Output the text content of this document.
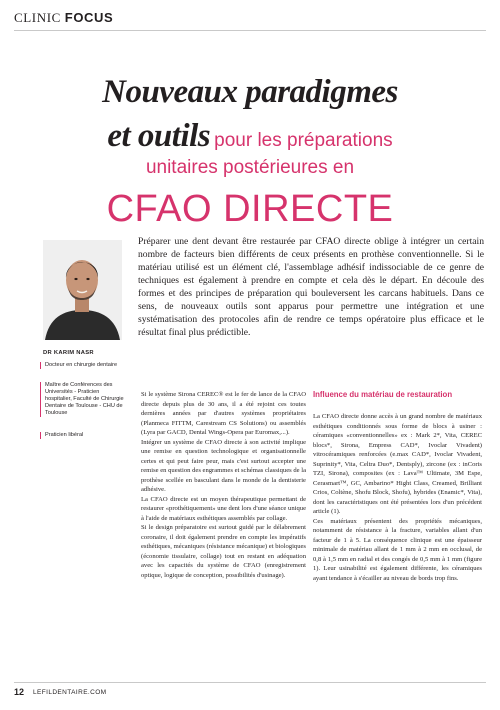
CLINIC FOCUS
Nouveaux paradigmes
et outils pour les préparations
unitaires postérieures en
CFAO DIRECTE
DR KARIM NASR
Docteur en chirurgie dentaire
Maître de Conférences des Universités - Praticien hospitalier, Faculté de Chirurgie Dentaire de Toulouse - CHU de Toulouse
Praticien libéral
Préparer une dent devant être restaurée par CFAO directe oblige à intégrer un certain nombre de facteurs bien différents de ceux présents en prothèse conventionnelle. Si le matériau utilisé est un élément clé, l'assemblage adhésif indissociable de ce genre de techniques est également à prendre en compte et cela dès le départ. En découle des formes et des principes de préparation qui bouleversent les carcans habituels. Dans ce sens, de nouveaux outils sont apparus pour permettre une intégration et une systématisation des protocoles afin de rendre ce temps opératoire plus efficace et le résultat final plus prédictible.
Si le système Sirona CEREC® est le fer de lance de la CFAO directe depuis plus de 30 ans, il a été rejoint ces toutes dernières années par d'autres systèmes propriétaires (Planmeca FITTM, Carestream CS Solutions) ou assemblés (Lyra par GACD, Dental Wings-Opera par Euromax,...).
Intégrer un système de CFAO directe à son activité implique une remise en question technologique et organisationnelle certes et qui peut faire peur, mais c'est surtout accepter une remise en question des engrammes et schémas classiques de la prothèse scellée en basculant dans le monde de la dentisterie adhésive.
La CFAO directe est un moyen thérapeutique permettant de restaurer «prothétiquement» une dent lors d'une séance unique à l'aide de matériaux esthétiques assemblés par collage.
Si le design préparatoire est surtout guidé par le délabrement coronaire, il doit également prendre en compte les impératifs esthétiques, mécaniques (résistance mécanique) et biologiques (économie tissulaire, collage) tout en restant en adéquation avec les capacités du système de CFAO (enregistrement optique, logique de conception, possibilités d'usinage).
Influence du matériau de restauration
La CFAO directe donne accès à un grand nombre de matériaux esthétiques conditionnés sous forme de blocs à usiner : céramiques «conventionnelles» ex : Mark 2*, Vita, CEREC blocs*, Sirona, Empress CAD*, Ivoclar Vivadent) vitrocéramiques renforcées (e.max CAD*, Ivoclar Vivadent, Suprinity*, Vita, Celtra Duo*, Dentsply), zircone (ex : inCoris TZI, Sirona), composites (ex : Lava™ Ultimate, 3M Espe, Cerasmart™, GC, Ambarino* Hight Class, Creamed, Brilliant Crios, Coltène, Shofu Block, Shofu), hybrides (Enamic*, Vita), dont les caractéristiques ont été présentées lors d'un précédent article (1).
Ces matériaux présentent des propriétés mécaniques, notamment de résistance à la fracture, variables allant d'un facteur de 1 à 5. La conséquence clinique est une épaisseur minimale de matériau allant de 1 mm à 2 mm en occlusal, de 0,8 à 1,5 mm en radial et des congés de 0,5 mm à 1 mm (figure 1). Leur usinabilité est également différente, les céramiques ayant tendance à s'écailler au niveau de bords trop fins.
12 LEFILDENTAIRE.COM
